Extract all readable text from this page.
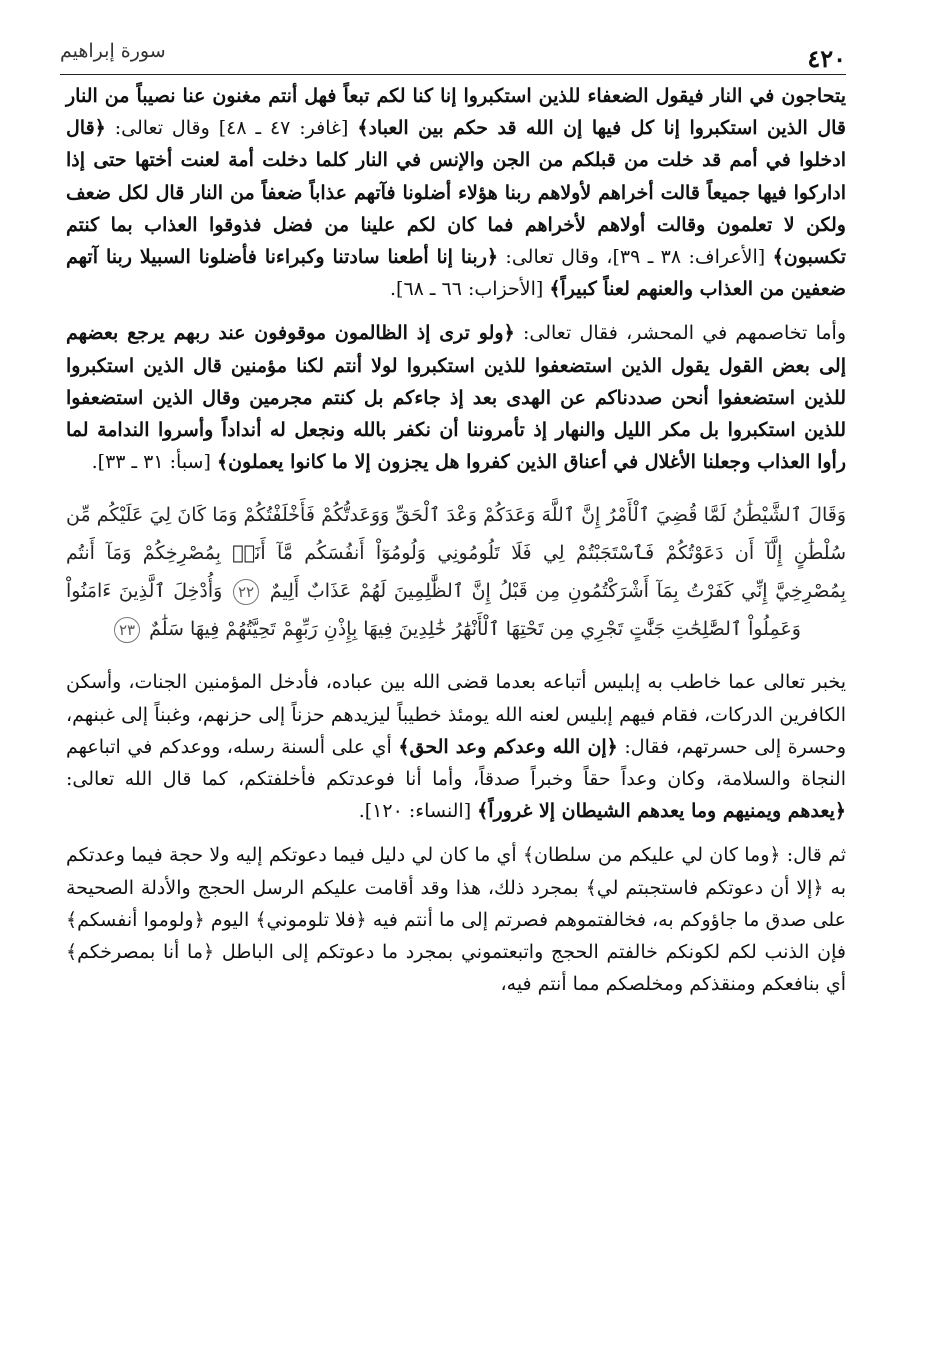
٤٢٠
سورة إبراهيم

يتحاجون في النار فيقول الضعفاء للذين استكبروا إنا كنا لكم تبعاً فهل أنتم مغنون عنا نصيباً من النار قال الذين استكبروا إنا كل فيها إن الله قد حكم بين العباد﴾ [غافر: ٤٧ ـ ٤٨] وقال تعالى: ﴿قال ادخلوا في أمم قد خلت من قبلكم من الجن والإنس في النار كلما دخلت أمة لعنت أختها حتى إذا اداركوا فيها جميعاً قالت أخراهم لأولاهم ربنا هؤلاء أضلونا فآتهم عذاباً ضعفاً من النار قال لكل ضعف ولكن لا تعلمون وقالت أولاهم لأخراهم فما كان لكم علينا من فضل فذوقوا العذاب بما كنتم تكسبون﴾ [الأعراف: ٣٨ ـ ٣٩]، وقال تعالى: ﴿ربنا إنا أطعنا سادتنا وكبراءنا فأضلونا السبيلا ربنا آتهم ضعفين من العذاب والعنهم لعناً كبيراً﴾ [الأحزاب: ٦٦ ـ ٦٨].

وأما تخاصمهم في المحشر، فقال تعالى: ﴿ولو ترى إذ الظالمون موقوفون عند ربهم يرجع بعضهم إلى بعض القول يقول الذين استضعفوا للذين استكبروا لولا أنتم لكنا مؤمنين قال الذين استكبروا للذين استضعفوا أنحن صددناكم عن الهدى بعد إذ جاءكم بل كنتم مجرمين وقال الذين استضعفوا للذين استكبروا بل مكر الليل والنهار إذ تأمروننا أن نكفر بالله ونجعل له أنداداً وأسروا الندامة لما رأوا العذاب وجعلنا الأغلال في أعناق الذين كفروا هل يجزون إلا ما كانوا يعملون﴾ [سبأ: ٣١ ـ ٣٣].

وَقَالَ ٱلشَّيْطَٰنُ لَمَّا قُضِيَ ٱلْأَمْرُ إِنَّ ٱللَّهَ وَعَدَكُمْ وَعْدَ ٱلْحَقِّ وَوَعَدتُّكُمْ فَأَخْلَفْتُكُمْ وَمَا كَانَ لِيَ عَلَيْكُم مِّن سُلْطَٰنٍ إِلَّآ أَن دَعَوْتُكُمْ فَٱسْتَجَبْتُمْ لِي فَلَا تَلُومُونِي وَلُومُوٓاْ أَنفُسَكُم مَّآ أَنَا۠ بِمُصْرِخِكُمْ وَمَآ أَنتُم بِمُصْرِخِيَّ إِنِّي كَفَرْتُ بِمَآ أَشْرَكْتُمُونِ مِن قَبْلُ إِنَّ ٱلظَّٰلِمِينَ لَهُمْ عَذَابٌ أَلِيمٌ ٢٢ وَأُدْخِلَ ٱلَّذِينَ ءَامَنُواْ وَعَمِلُواْ ٱلصَّٰلِحَٰتِ جَنَّٰتٍ تَجْرِي مِن تَحْتِهَا ٱلْأَنْهَٰرُ خَٰلِدِينَ فِيهَا بِإِذْنِ رَبِّهِمْ تَحِيَّتُهُمْ فِيهَا سَلَٰمٌ ٢٣

يخبر تعالى عما خاطب به إبليس أتباعه بعدما قضى الله بين عباده، فأدخل المؤمنين الجنات، وأسكن الكافرين الدركات، فقام فيهم إبليس لعنه الله يومئذ خطيباً ليزيدهم حزناً إلى حزنهم، وغبناً إلى غبنهم، وحسرة إلى حسرتهم، فقال: ﴿إن الله وعدكم وعد الحق﴾ أي على ألسنة رسله، ووعدكم في اتباعهم النجاة والسلامة، وكان وعداً حقاً وخبراً صدقاً، وأما أنا فوعدتكم فأخلفتكم، كما قال الله تعالى: ﴿يعدهم ويمنيهم وما يعدهم الشيطان إلا غروراً﴾ [النساء: ١٢٠].

ثم قال: ﴿وما كان لي عليكم من سلطان﴾ أي ما كان لي دليل فيما دعوتكم إليه ولا حجة فيما وعدتكم به ﴿إلا أن دعوتكم فاستجبتم لي﴾ بمجرد ذلك، هذا وقد أقامت عليكم الرسل الحجج والأدلة الصحيحة على صدق ما جاؤوكم به، فخالفتموهم فصرتم إلى ما أنتم فيه ﴿فلا تلوموني﴾ اليوم ﴿ولوموا أنفسكم﴾ فإن الذنب لكم لكونكم خالفتم الحجج واتبعتموني بمجرد ما دعوتكم إلى الباطل ﴿ما أنا بمصرخكم﴾ أي بنافعكم ومنقذكم ومخلصكم مما أنتم فيه،
